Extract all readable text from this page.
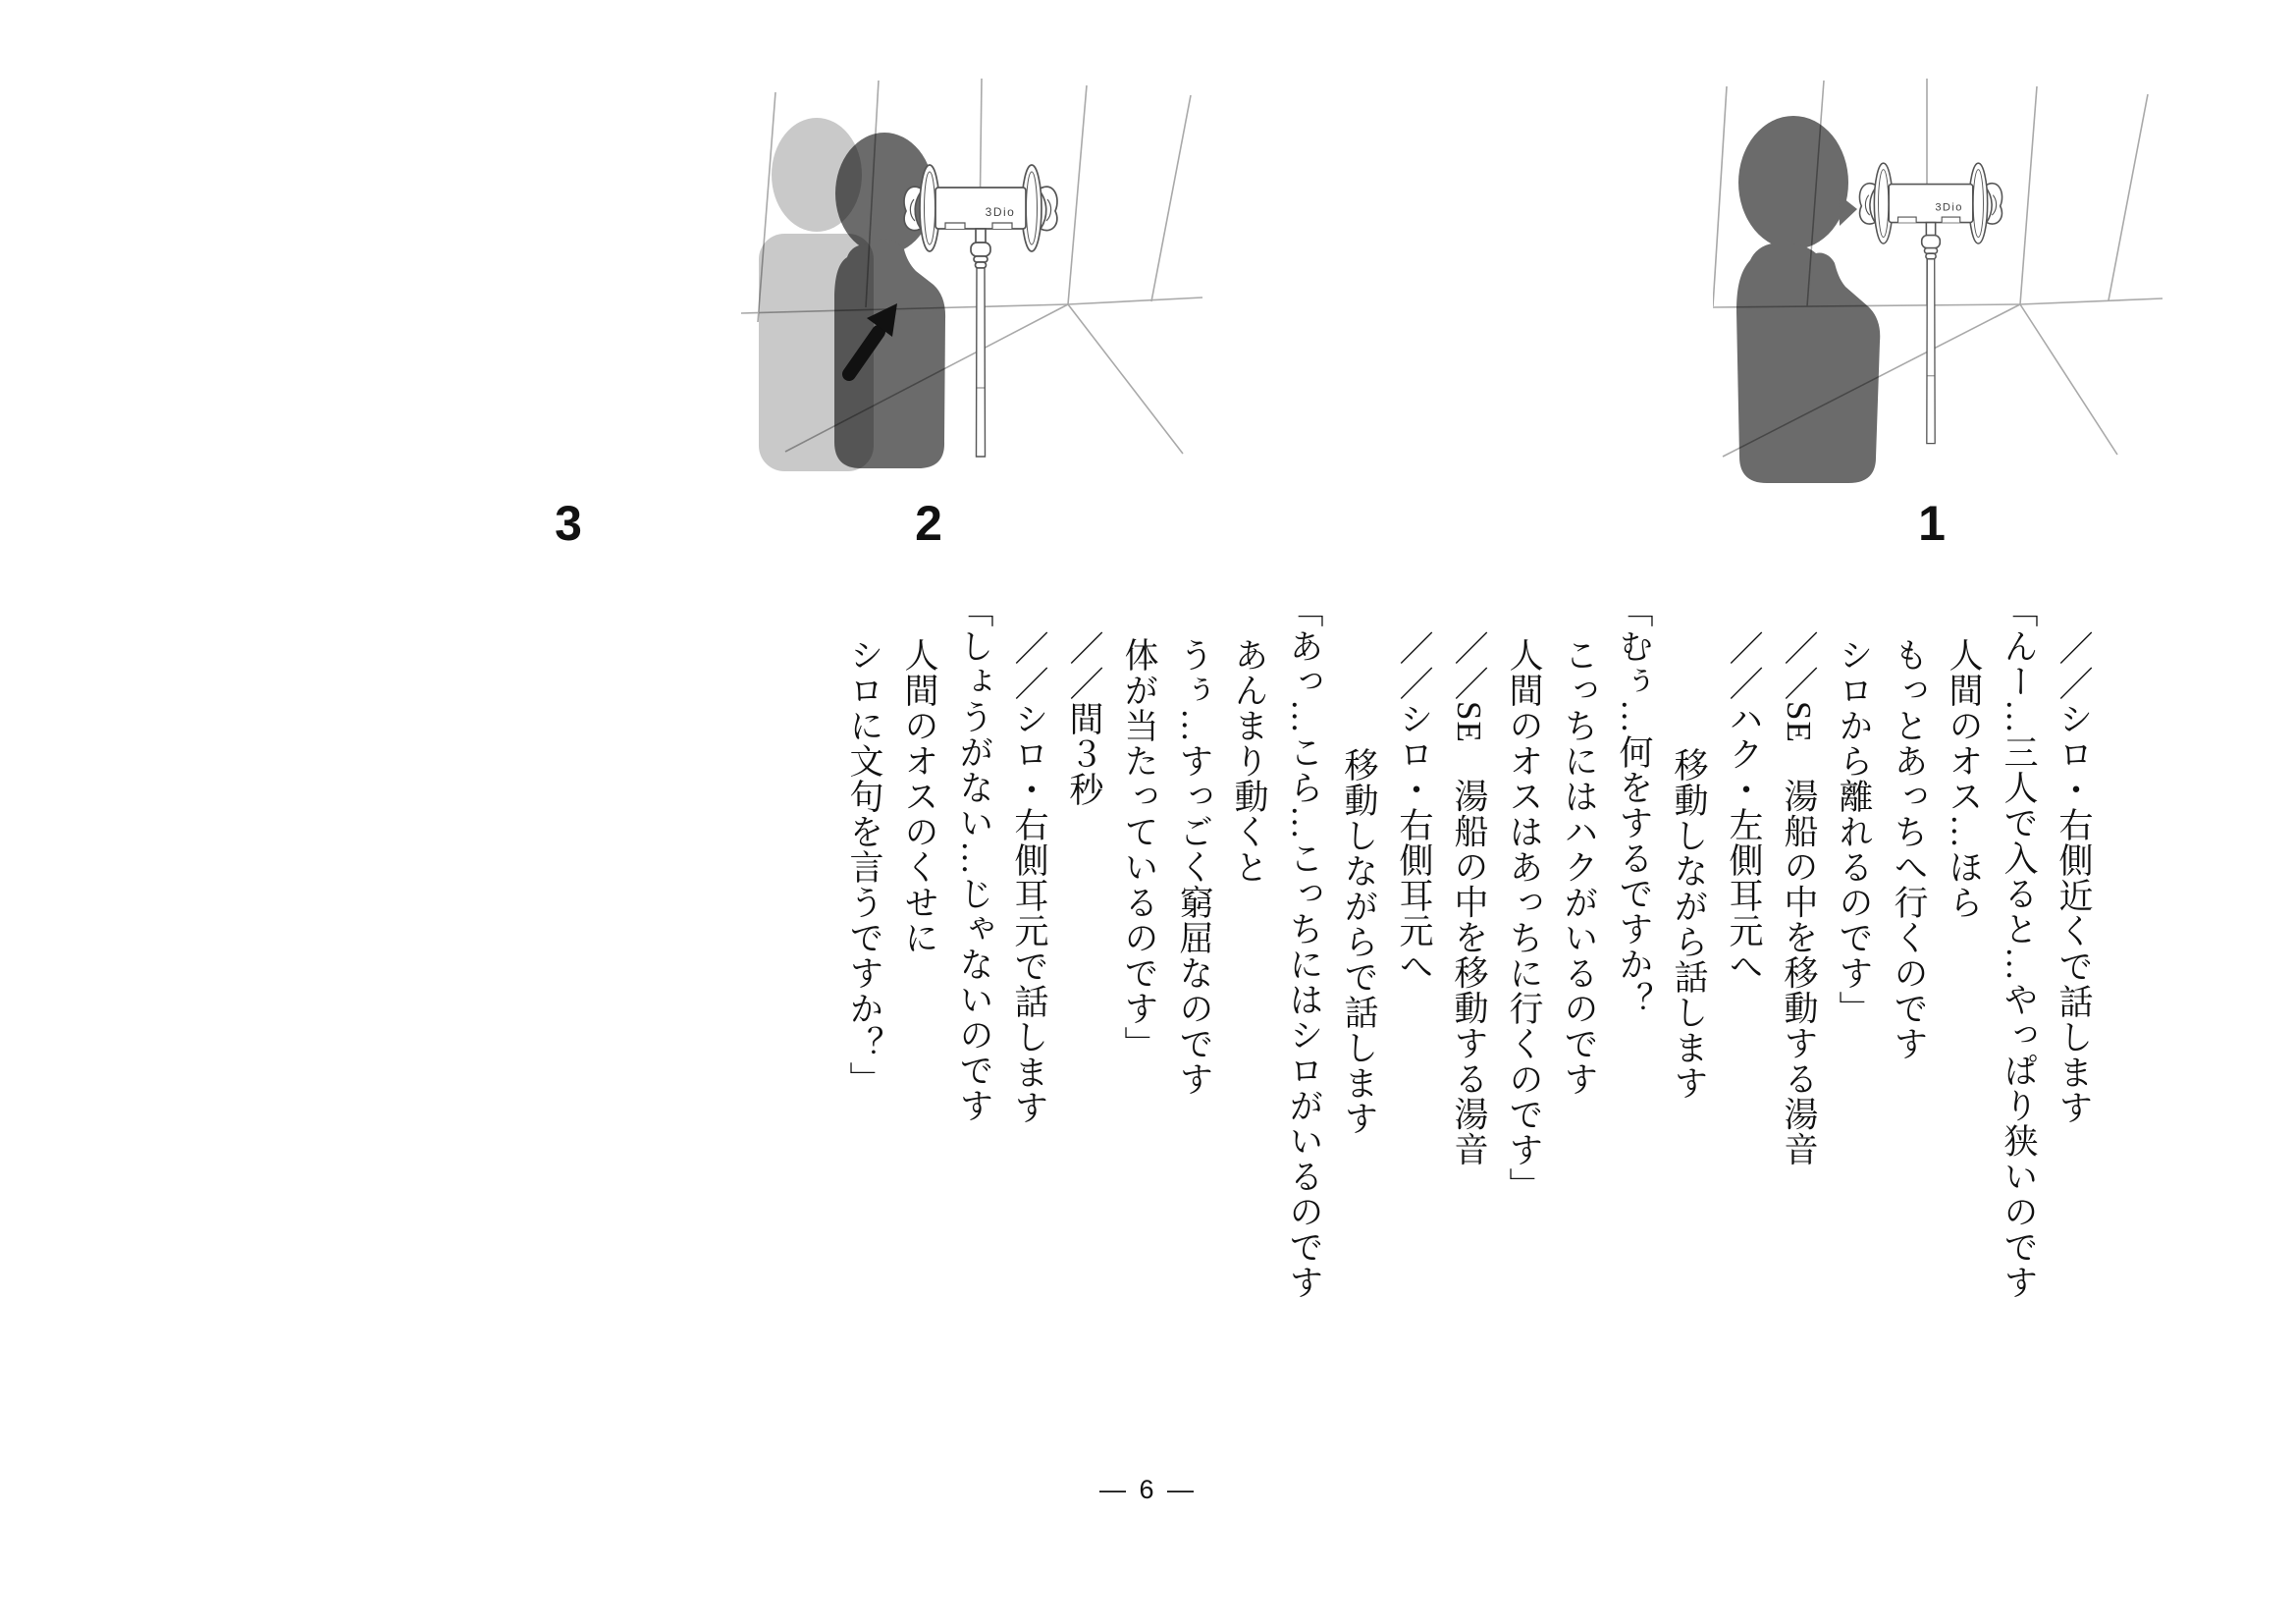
3Dio	3Dio
1
2
3

／／シロ・右側近くで話します

「んー…三人で入ると…やっぱり狭いのです

人間のオス…ほら

もっとあっちへ行くのです

シロから離れるのです」

／／SE　湯船の中を移動する湯音

／／ハク・左側耳元へ

移動しながら話します

「むぅ…何をするですか？

こっちにはハクがいるのです

人間のオスはあっちに行くのです」

／／SE　湯船の中を移動する湯音

／／シロ・右側耳元へ

移動しながらで話します

「あっ…こら…こっちにはシロがいるのです

あんまり動くと

うぅ…すっごく窮屈なのです

体が当たっているのです」

／／間３秒

／／シロ・右側耳元で話します

「しょうがない…じゃないのです

人間のオスのくせに

シロに文句を言うですか？」

— 6 —
